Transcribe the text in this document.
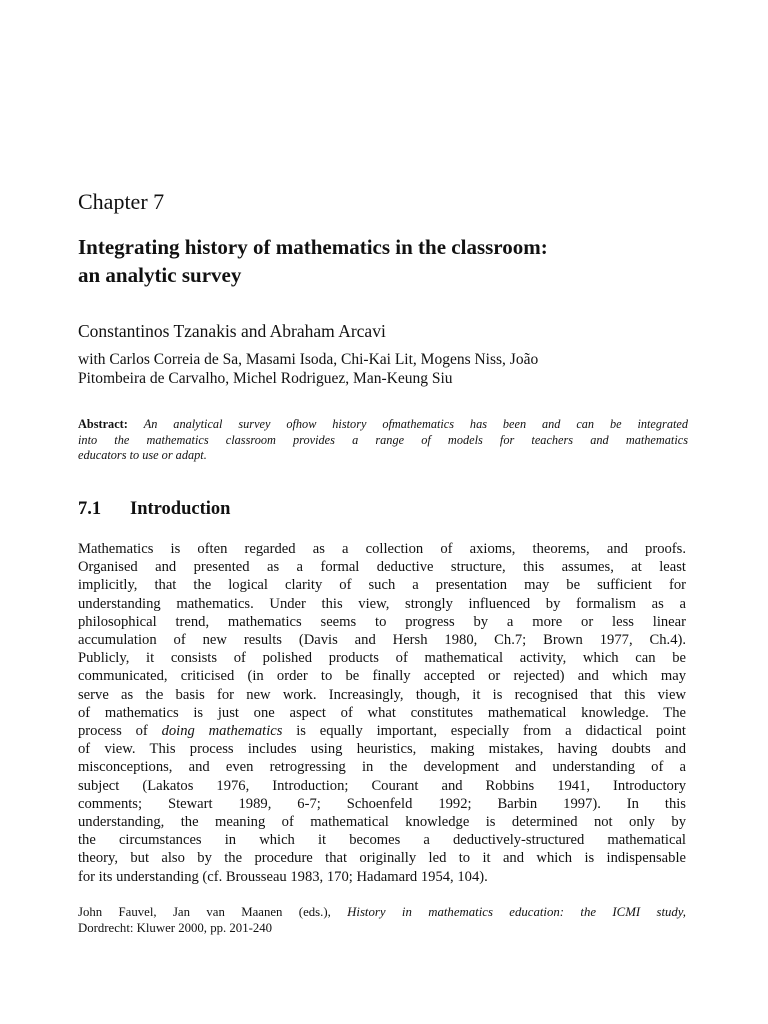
Chapter 7
Integrating history of mathematics in the classroom:
an analytic survey

Constantinos Tzanakis and Abraham Arcavi

with Carlos Correia de Sa, Masami Isoda, Chi-Kai Lit, Mogens Niss, João
Pitombeira de Carvalho, Michel Rodriguez, Man-Keung Siu

Abstract: An analytical survey ofhow history ofmathematics has been and can be integrated
into the mathematics classroom provides a range of models for teachers and mathematics
educators to use or adapt.
7.1 Introduction
Mathematics is often regarded as a collection of axioms, theorems, and proofs.
Organised and presented as a formal deductive structure, this assumes, at least
implicitly, that the logical clarity of such a presentation may be sufficient for
understanding mathematics. Under this view, strongly influenced by formalism as a
philosophical trend, mathematics seems to progress by a more or less linear
accumulation of new results (Davis and Hersh 1980, Ch.7; Brown 1977, Ch.4).
Publicly, it consists of polished products of mathematical activity, which can be
communicated, criticised (in order to be finally accepted or rejected) and which may
serve as the basis for new work. Increasingly, though, it is recognised that this view
of mathematics is just one aspect of what constitutes mathematical knowledge. The
process of doing mathematics is equally important, especially from a didactical point
of view. This process includes using heuristics, making mistakes, having doubts and
misconceptions, and even retrogressing in the development and understanding of a
subject (Lakatos 1976, Introduction; Courant and Robbins 1941, Introductory
comments; Stewart 1989, 6-7; Schoenfeld 1992; Barbin 1997). In this
understanding, the meaning of mathematical knowledge is determined not only by
the circumstances in which it becomes a deductively-structured mathematical
theory, but also by the procedure that originally led to it and which is indispensable
for its understanding (cf. Brousseau 1983, 170; Hadamard 1954, 104).
John Fauvel, Jan van Maanen (eds.), History in mathematics education: the ICMI study,
Dordrecht: Kluwer 2000, pp. 201-240
